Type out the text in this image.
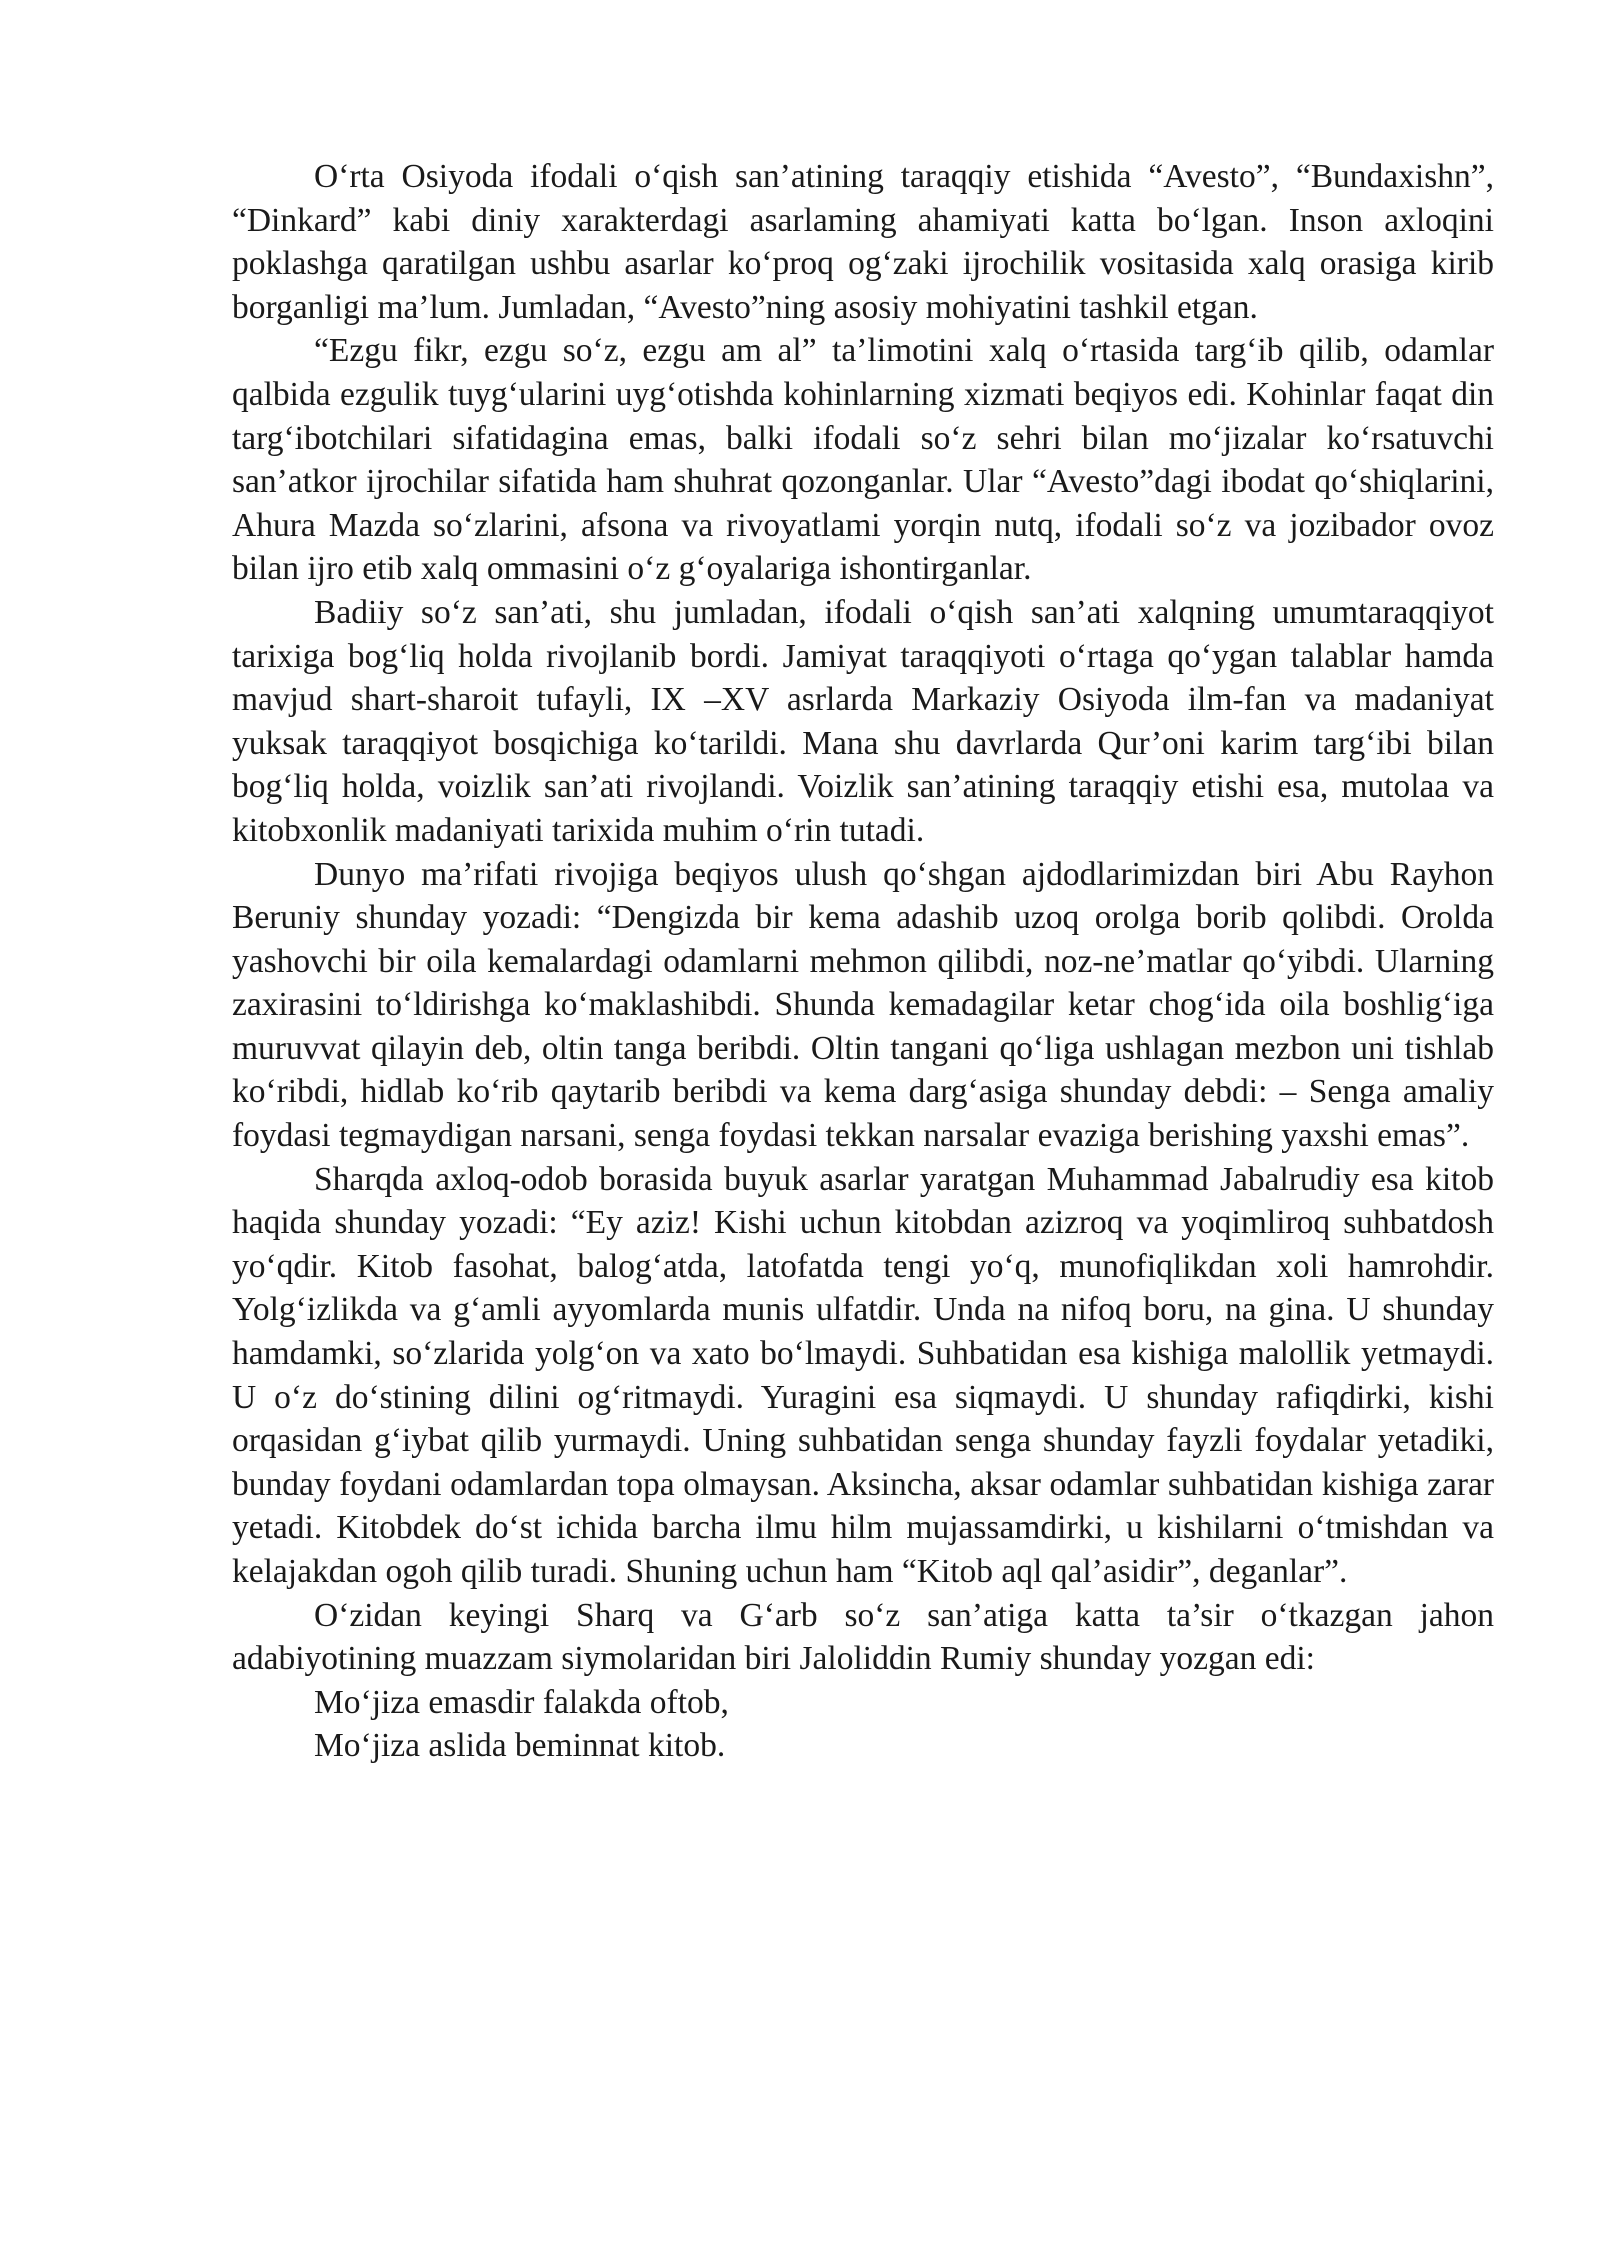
O‘rta Osiyoda ifodali o‘qish san’atining taraqqiy etishida “Avesto”, “Bundaxishn”, “Dinkard” kabi diniy xarakterdagi asarlaming ahamiyati katta bo‘lgan. Inson axloqini poklashga qaratilgan ushbu asarlar ko‘proq og‘zaki ijrochilik vositasida xalq orasiga kirib borganligi ma’lum. Jumladan, “Avesto”ning asosiy mohiyatini tashkil etgan.

“Ezgu fikr, ezgu so‘z, ezgu am al” ta’limotini xalq o‘rtasida targ‘ib qilib, odamlar qalbida ezgulik tuyg‘ularini uyg‘otishda kohinlarning xizmati beqiyos edi. Kohinlar faqat din targ‘ibotchilari sifatidagina emas, balki ifodali so‘z sehri bilan mo‘jizalar ko‘rsatuvchi san’atkor ijrochilar sifatida ham shuhrat qozonganlar. Ular “Avesto”dagi ibodat qo‘shiqlarini, Ahura Mazda so‘zlarini, afsona va rivoyatlami yorqin nutq, ifodali so‘z va jozibador ovoz bilan ijro etib xalq ommasini o‘z g‘oyalariga ishontirganlar.

Badiiy so‘z san’ati, shu jumladan, ifodali o‘qish san’ati xalqning umumtaraqqiyot tarixiga bog‘liq holda rivojlanib bordi. Jamiyat taraqqiyoti o‘rtaga qo‘ygan talablar hamda mavjud shart-sharoit tufayli, IX –XV asrlarda Markaziy Osiyoda ilm-fan va madaniyat yuksak taraqqiyot bosqichiga ko‘tarildi. Mana shu davrlarda Qur’oni karim targ‘ibi bilan bog‘liq holda, voizlik san’ati rivojlandi. Voizlik san’atining taraqqiy etishi esa, mutolaa va kitobxonlik madaniyati tarixida muhim o‘rin tutadi.

Dunyo ma’rifati rivojiga beqiyos ulush qo‘shgan ajdodlarimizdan biri Abu Rayhon Beruniy shunday yozadi: “Dengizda bir kema adashib uzoq orolga borib qolibdi. Orolda yashovchi bir oila kemalardagi odamlarni mehmon qilibdi, noz-ne’matlar qo‘yibdi. Ularning zaxirasini to‘ldirishga ko‘maklashibdi. Shunda kemadagilar ketar chog‘ida oila boshlig‘iga muruvvat qilayin deb, oltin tanga beribdi. Oltin tangani qo‘liga ushlagan mezbon uni tishlab ko‘ribdi, hidlab ko‘rib qaytarib beribdi va kema darg‘asiga shunday debdi: – Senga amaliy foydasi tegmaydigan narsani, senga foydasi tekkan narsalar evaziga berishing yaxshi emas”.

Sharqda axloq-odob borasida buyuk asarlar yaratgan Muhammad Jabalrudiy esa kitob haqida shunday yozadi: “Ey aziz! Kishi uchun kitobdan azizroq va yoqimliroq suhbatdosh yo‘qdir. Kitob fasohat, balog‘atda, latofatda tengi yo‘q, munofiqlikdan xoli hamrohdir. Yolg‘izlikda va g‘amli ayyomlarda munis ulfatdir. Unda na nifoq boru, na gina. U shunday hamdamki, so‘zlarida yolg‘on va xato bo‘lmaydi. Suhbatidan esa kishiga malollik yetmaydi. U o‘z do‘stining dilini og‘ritmaydi. Yuragini esa siqmaydi. U shunday rafiqdirki, kishi orqasidan g‘iybat qilib yurmaydi. Uning suhbatidan senga shunday fayzli foydalar yetadiki, bunday foydani odamlardan topa olmaysan. Aksincha, aksar odamlar suhbatidan kishiga zarar yetadi. Kitobdek do‘st ichida barcha ilmu hilm mujassamdirki, u kishilarni o‘tmishdan va kelajakdan ogoh qilib turadi. Shuning uchun ham “Kitob aql qal’asidir”, deganlar”.

O‘zidan keyingi Sharq va G‘arb so‘z san’atiga katta ta’sir o‘tkazgan jahon adabiyotining muazzam siymolaridan biri Jaloliddin Rumiy shunday yozgan edi:

Mo‘jiza emasdir falakda oftob,

Mo‘jiza aslida beminnat kitob.
